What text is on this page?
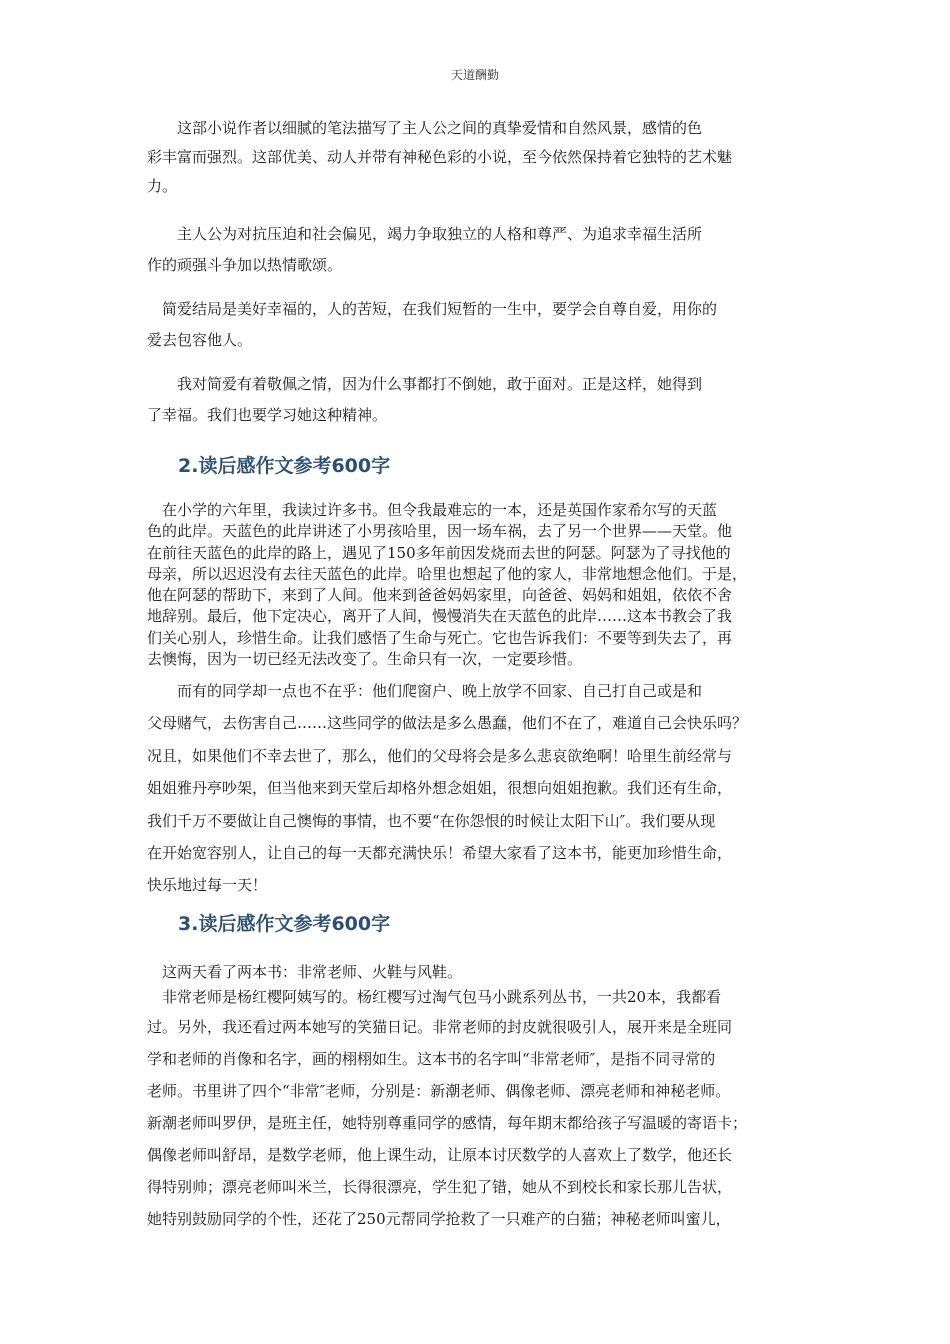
天道酬勤
　　这部小说作者以细腻的笔法描写了主人公之间的真挚爱情和自然风景，感情的色
彩丰富而强烈。这部优美、动人并带有神秘色彩的小说，至今依然保持着它独特的艺术魅
力。
　　主人公为对抗压迫和社会偏见，竭力争取独立的人格和尊严、为追求幸福生活所
作的顽强斗争加以热情歌颂。
　简爱结局是美好幸福的，人的苦短，在我们短暂的一生中，要学会自尊自爱，用你的
爱去包容他人。
　　我对简爱有着敬佩之情，因为什么事都打不倒她，敢于面对。正是这样，她得到
了幸福。我们也要学习她这种精神。
2.读后感作文参考600字
　在小学的六年里，我读过许多书。但令我最难忘的一本，还是英国作家希尔写的天蓝
色的此岸。天蓝色的此岸讲述了小男孩哈里，因一场车祸，去了另一个世界——天堂。他
在前往天蓝色的此岸的路上，遇见了150多年前因发烧而去世的阿瑟。阿瑟为了寻找他的
母亲，所以迟迟没有去往天蓝色的此岸。哈里也想起了他的家人，非常地想念他们。于是，
他在阿瑟的帮助下，来到了人间。他来到爸爸妈妈家里，向爸爸、妈妈和姐姐，依依不舍
地辞别。最后，他下定决心，离开了人间，慢慢消失在天蓝色的此岸……这本书教会了我
们关心别人，珍惜生命。让我们感悟了生命与死亡。它也告诉我们：不要等到失去了，再
去懊悔，因为一切已经无法改变了。生命只有一次，一定要珍惜。
　　而有的同学却一点也不在乎：他们爬窗户、晚上放学不回家、自己打自己或是和
父母赌气，去伤害自己……这些同学的做法是多么愚蠢，他们不在了，难道自己会快乐吗？
况且，如果他们不幸去世了，那么，他们的父母将会是多么悲哀欲绝啊！哈里生前经常与
姐姐雅丹亭吵架，但当他来到天堂后却格外想念姐姐，很想向姐姐抱歉。我们还有生命，
我们千万不要做让自己懊悔的事情，也不要“在你怨恨的时候让太阳下山″。我们要从现
在开始宽容别人，让自己的每一天都充满快乐！希望大家看了这本书，能更加珍惜生命，
快乐地过每一天！
3.读后感作文参考600字
　这两天看了两本书：非常老师、火鞋与风鞋。
　非常老师是杨红樱阿姨写的。杨红樱写过淘气包马小跳系列丛书，一共20本，我都看
过。另外，我还看过两本她写的笑猫日记。非常老师的封皮就很吸引人，展开来是全班同
学和老师的肖像和名字，画的栩栩如生。这本书的名字叫“非常老师″，是指不同寻常的
老师。书里讲了四个“非常″老师，分别是：新潮老师、偶像老师、漂亮老师和神秘老师。
新潮老师叫罗伊，是班主任，她特别尊重同学的感情，每年期末都给孩子写温暖的寄语卡；
偶像老师叫舒昂，是数学老师，他上课生动，让原本讨厌数学的人喜欢上了数学，他还长
得特别帅；漂亮老师叫米兰，长得很漂亮，学生犯了错，她从不到校长和家长那儿告状，
她特别鼓励同学的个性，还花了250元帮同学抢救了一只难产的白猫；神秘老师叫蜜儿，
